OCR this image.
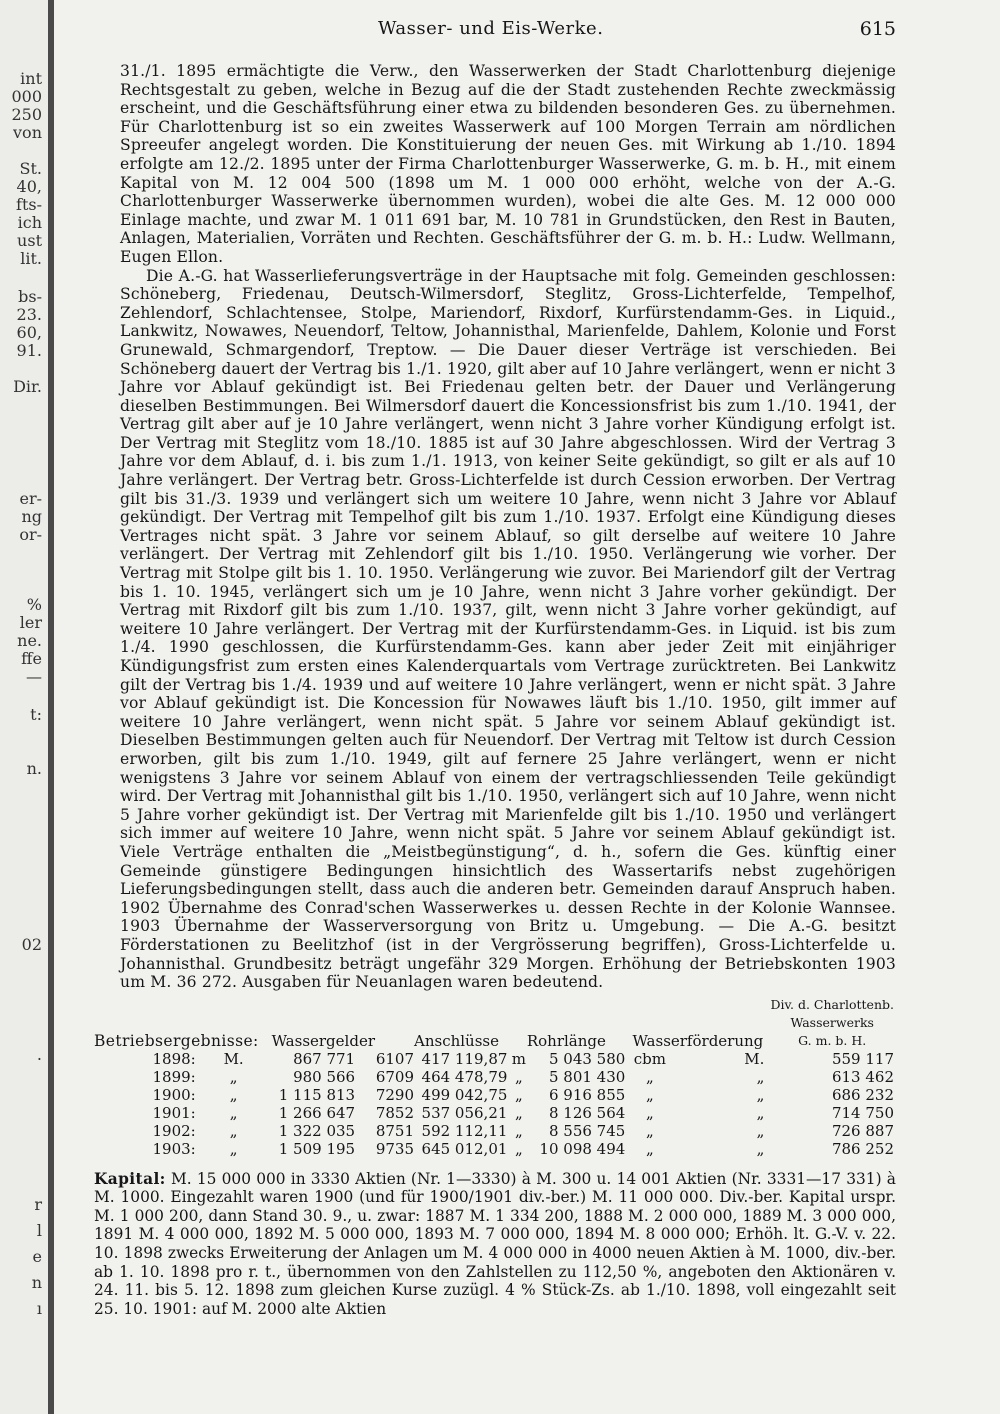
int
000
250
von
St.
40,
fts-
ich
ust
lit.
bs-
23.
60,
91.
Dir.
er-
ng
or-
%
ler
ne.
ffe
—
t:
n.
02
.
r
l
e
n
ı
Wasser- und Eis-Werke.	615

31./1. 1895 ermächtigte die Verw., den Wasserwerken der Stadt Charlottenburg diejenige Rechtsgestalt zu geben, welche in Bezug auf die der Stadt zustehenden Rechte zweckmässig erscheint, und die Geschäftsführung einer etwa zu bildenden besonderen Ges. zu übernehmen. Für Charlottenburg ist so ein zweites Wasserwerk auf 100 Morgen Terrain am nördlichen Spreeufer angelegt worden. Die Konstituierung der neuen Ges. mit Wirkung ab 1./10. 1894 erfolgte am 12./2. 1895 unter der Firma Charlottenburger Wasserwerke, G. m. b. H., mit einem Kapital von M. 12 004 500 (1898 um M. 1 000 000 erhöht, welche von der A.-G. Charlottenburger Wasserwerke übernommen wurden), wobei die alte Ges. M. 12 000 000 Einlage machte, und zwar M. 1 011 691 bar, M. 10 781 in Grundstücken, den Rest in Bauten, Anlagen, Materialien, Vorräten und Rechten. Geschäftsführer der G. m. b. H.: Ludw. Wellmann, Eugen Ellon.

Die A.-G. hat Wasserlieferungsverträge in der Hauptsache mit folg. Gemeinden geschlossen: Schöneberg, Friedenau, Deutsch-Wilmersdorf, Steglitz, Gross-Lichterfelde, Tempelhof, Zehlendorf, Schlachtensee, Stolpe, Mariendorf, Rixdorf, Kurfürstendamm-Ges. in Liquid., Lankwitz, Nowawes, Neuendorf, Teltow, Johannisthal, Marienfelde, Dahlem, Kolonie und Forst Grunewald, Schmargendorf, Treptow. — Die Dauer dieser Verträge ist verschieden. Bei Schöneberg dauert der Vertrag bis 1./1. 1920, gilt aber auf 10 Jahre verlängert, wenn er nicht 3 Jahre vor Ablauf gekündigt ist. Bei Friedenau gelten betr. der Dauer und Verlängerung dieselben Bestimmungen. Bei Wilmersdorf dauert die Koncessionsfrist bis zum 1./10. 1941, der Vertrag gilt aber auf je 10 Jahre verlängert, wenn nicht 3 Jahre vorher Kündigung erfolgt ist. Der Vertrag mit Steglitz vom 18./10. 1885 ist auf 30 Jahre abgeschlossen. Wird der Vertrag 3 Jahre vor dem Ablauf, d. i. bis zum 1./1. 1913, von keiner Seite gekündigt, so gilt er als auf 10 Jahre verlängert. Der Vertrag betr. Gross-Lichterfelde ist durch Cession erworben. Der Vertrag gilt bis 31./3. 1939 und verlängert sich um weitere 10 Jahre, wenn nicht 3 Jahre vor Ablauf gekündigt. Der Vertrag mit Tempelhof gilt bis zum 1./10. 1937. Erfolgt eine Kündigung dieses Vertrages nicht spät. 3 Jahre vor seinem Ablauf, so gilt derselbe auf weitere 10 Jahre verlängert. Der Vertrag mit Zehlendorf gilt bis 1./10. 1950. Verlängerung wie vorher. Der Vertrag mit Stolpe gilt bis 1. 10. 1950. Verlängerung wie zuvor. Bei Mariendorf gilt der Vertrag bis 1. 10. 1945, verlängert sich um je 10 Jahre, wenn nicht 3 Jahre vorher gekündigt. Der Vertrag mit Rixdorf gilt bis zum 1./10. 1937, gilt, wenn nicht 3 Jahre vorher gekündigt, auf weitere 10 Jahre verlängert. Der Vertrag mit der Kurfürstendamm-Ges. in Liquid. ist bis zum 1./4. 1990 geschlossen, die Kurfürstendamm-Ges. kann aber jeder Zeit mit einjähriger Kündigungsfrist zum ersten eines Kalenderquartals vom Vertrage zurücktreten. Bei Lankwitz gilt der Vertrag bis 1./4. 1939 und auf weitere 10 Jahre verlängert, wenn er nicht spät. 3 Jahre vor Ablauf gekündigt ist. Die Koncession für Nowawes läuft bis 1./10. 1950, gilt immer auf weitere 10 Jahre verlängert, wenn nicht spät. 5 Jahre vor seinem Ablauf gekündigt ist. Dieselben Bestimmungen gelten auch für Neuendorf. Der Vertrag mit Teltow ist durch Cession erworben, gilt bis zum 1./10. 1949, gilt auf fernere 25 Jahre verlängert, wenn er nicht wenigstens 3 Jahre vor seinem Ablauf von einem der vertragschliessenden Teile gekündigt wird. Der Vertrag mit Johannisthal gilt bis 1./10. 1950, verlängert sich auf 10 Jahre, wenn nicht 5 Jahre vorher gekündigt ist. Der Vertrag mit Marienfelde gilt bis 1./10. 1950 und verlängert sich immer auf weitere 10 Jahre, wenn nicht spät. 5 Jahre vor seinem Ablauf gekündigt ist. Viele Verträge enthalten die „Meistbegünstigung“, d. h., sofern die Ges. künftig einer Gemeinde günstigere Bedingungen hinsichtlich des Wassertarifs nebst zugehörigen Lieferungsbedingungen stellt, dass auch die anderen betr. Gemeinden darauf Anspruch haben. 1902 Übernahme des Conrad'schen Wasserwerkes u. dessen Rechte in der Kolonie Wannsee. 1903 Übernahme der Wasserversorgung von Britz u. Umgebung. — Die A.-G. besitzt Förderstationen zu Beelitzhof (ist in der Vergrösserung begriffen), Gross-Lichterfelde u. Johannisthal. Grundbesitz beträgt ungefähr 329 Morgen. Erhöhung der Betriebskonten 1903 um M. 36 272. Ausgaben für Neuanlagen waren bedeutend.

									Div. d. Charlottenb.
									Wasserwerks
Betriebsergebnisse:		Wassergelder		Anschlüsse	Rohrlänge		Wasserförderung		G. m. b. H.
1898:	M.	867 771	6107	417 119,87	m	5 043 580	cbm	M.	559 117
1899:	„	980 566	6709	464 478,79	„	5 801 430	„	„	613 462
1900:	„	1 115 813	7290	499 042,75	„	6 916 855	„	„	686 232
1901:	„	1 266 647	7852	537 056,21	„	8 126 564	„	„	714 750
1902:	„	1 322 035	8751	592 112,11	„	8 556 745	„	„	726 887
1903:	„	1 509 195	9735	645 012,01	„	10 098 494	„	„	786 252
Kapital: M. 15 000 000 in 3330 Aktien (Nr. 1—3330) à M. 300 u. 14 001 Aktien (Nr. 3331—17 331) à M. 1000. Eingezahlt waren 1900 (und für 1900/1901 div.-ber.) M. 11 000 000. Div.-ber. Kapital urspr. M. 1 000 200, dann Stand 30. 9., u. zwar: 1887 M. 1 334 200, 1888 M. 2 000 000, 1889 M. 3 000 000, 1891 M. 4 000 000, 1892 M. 5 000 000, 1893 M. 7 000 000, 1894 M. 8 000 000; Erhöh. lt. G.-V. v. 22. 10. 1898 zwecks Erweiterung der Anlagen um M. 4 000 000 in 4000 neuen Aktien à M. 1000, div.-ber. ab 1. 10. 1898 pro r. t., übernommen von den Zahlstellen zu 112,50 %, angeboten den Aktionären v. 24. 11. bis 5. 12. 1898 zum gleichen Kurse zuzügl. 4 % Stück-Zs. ab 1./10. 1898, voll eingezahlt seit 25. 10. 1901: auf M. 2000 alte Aktien
